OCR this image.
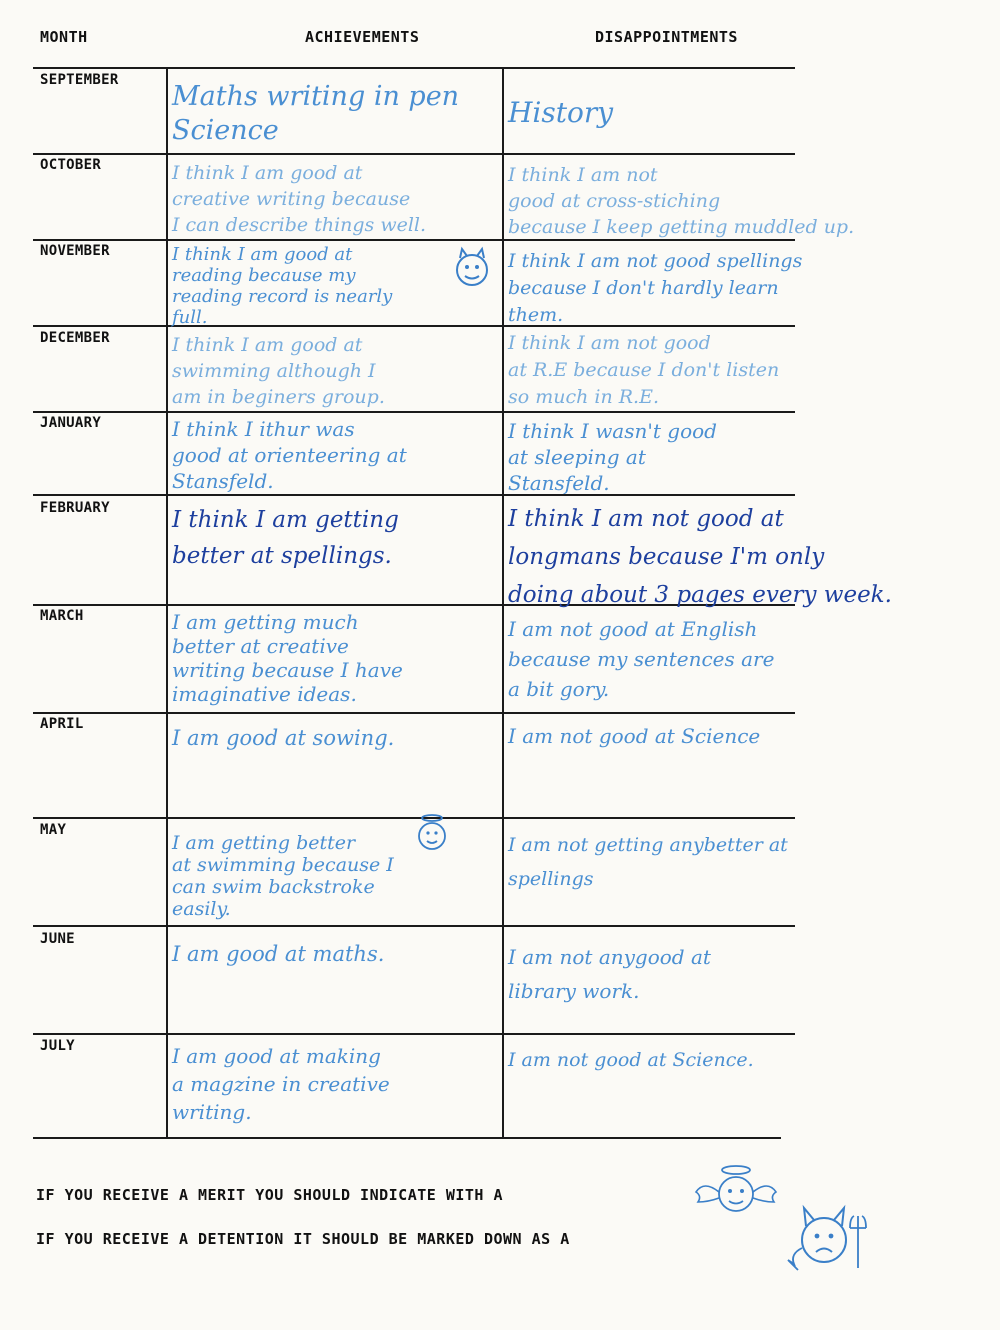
MONTH	ACHIEVEMENTS	DISAPPOINTMENTS
SEPTEMBER
OCTOBER
NOVEMBER
DECEMBER
JANUARY
FEBRUARY
MARCH
APRIL
MAY
JUNE
JULY
Maths writing in pen
Science
I think I am good at
creative writing because
I can describe things well.
I think I am good at
reading because my
reading record is nearly
full.
I think I am good at
swimming although I
am in beginers group.
I think I ithur was
good at orienteering at
Stansfeld.
I think I am getting
better at spellings.
I am getting much
better at creative
writing because I have
imaginative ideas.
I am good at sowing.
I am getting better
at swimming because I
can swim backstroke
easily.
I am good at maths.
I am good at making
a magzine in creative
writing.
History
I think I am not
good at cross-stiching
because I keep getting muddled up.
I think I am not good spellings
because I don't hardly learn
them.
I think I am not good
at R.E because I don't listen
so much in R.E.
I think I wasn't good
at sleeping at
Stansfeld.
I think I am not good at
longmans because I'm only
doing about 3 pages every week.
I am not good at English
because my sentences are
a bit gory.
I am not good at Science
I am not getting anybetter at
spellings
I am not anygood at
library work.
I am not good at Science.
IF YOU RECEIVE A MERIT YOU SHOULD INDICATE WITH A
IF YOU RECEIVE A DETENTION IT SHOULD BE MARKED DOWN AS A
